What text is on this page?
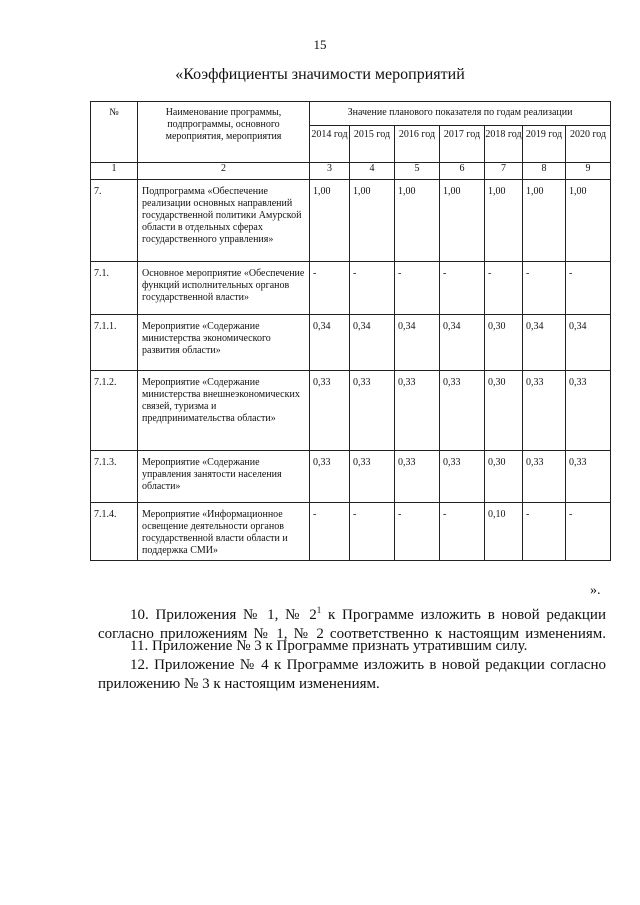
15
«Коэффициенты значимости мероприятий
№	Наименование программы, подпрограммы, основного мероприятия, мероприятия	Значение планового показателя по годам реализации						
		2014 год	2015 год	2016 год	2017 год	2018 год	2019 год	2020 год
1	2	3	4	5	6	7	8	9
7.	Подпрограмма «Обеспечение реализации основных направлений государственной политики Амурской области в отдельных сферах государственного управления»	1,00	1,00	1,00	1,00	1,00	1,00	1,00
7.1.	Основное мероприятие «Обеспечение функций исполнительных органов государственной власти»	-	-	-	-	-	-	-
7.1.1.	Мероприятие «Содержание министерства экономического развития области»	0,34	0,34	0,34	0,34	0,30	0,34	0,34
7.1.2.	Мероприятие «Содержание министерства внешнеэкономических связей, туризма и предпринимательства области»	0,33	0,33	0,33	0,33	0,30	0,33	0,33
7.1.3.	Мероприятие «Содержание управления занятости населения области»	0,33	0,33	0,33	0,33	0,30	0,33	0,33
7.1.4.	Мероприятие «Информационное освещение деятельности органов государственной власти области и поддержка СМИ»	-	-	-	-	0,10	-	-
».
10. Приложения № 1, № $2^1$ к Программе изложить в новой редакции согласно приложениям № 1, № 2 соответственно к настоящим изменениям.
11. Приложение № 3 к Программе признать утратившим силу.
12. Приложение № 4 к Программе изложить в новой редакции согласно приложению № 3 к настоящим изменениям.
